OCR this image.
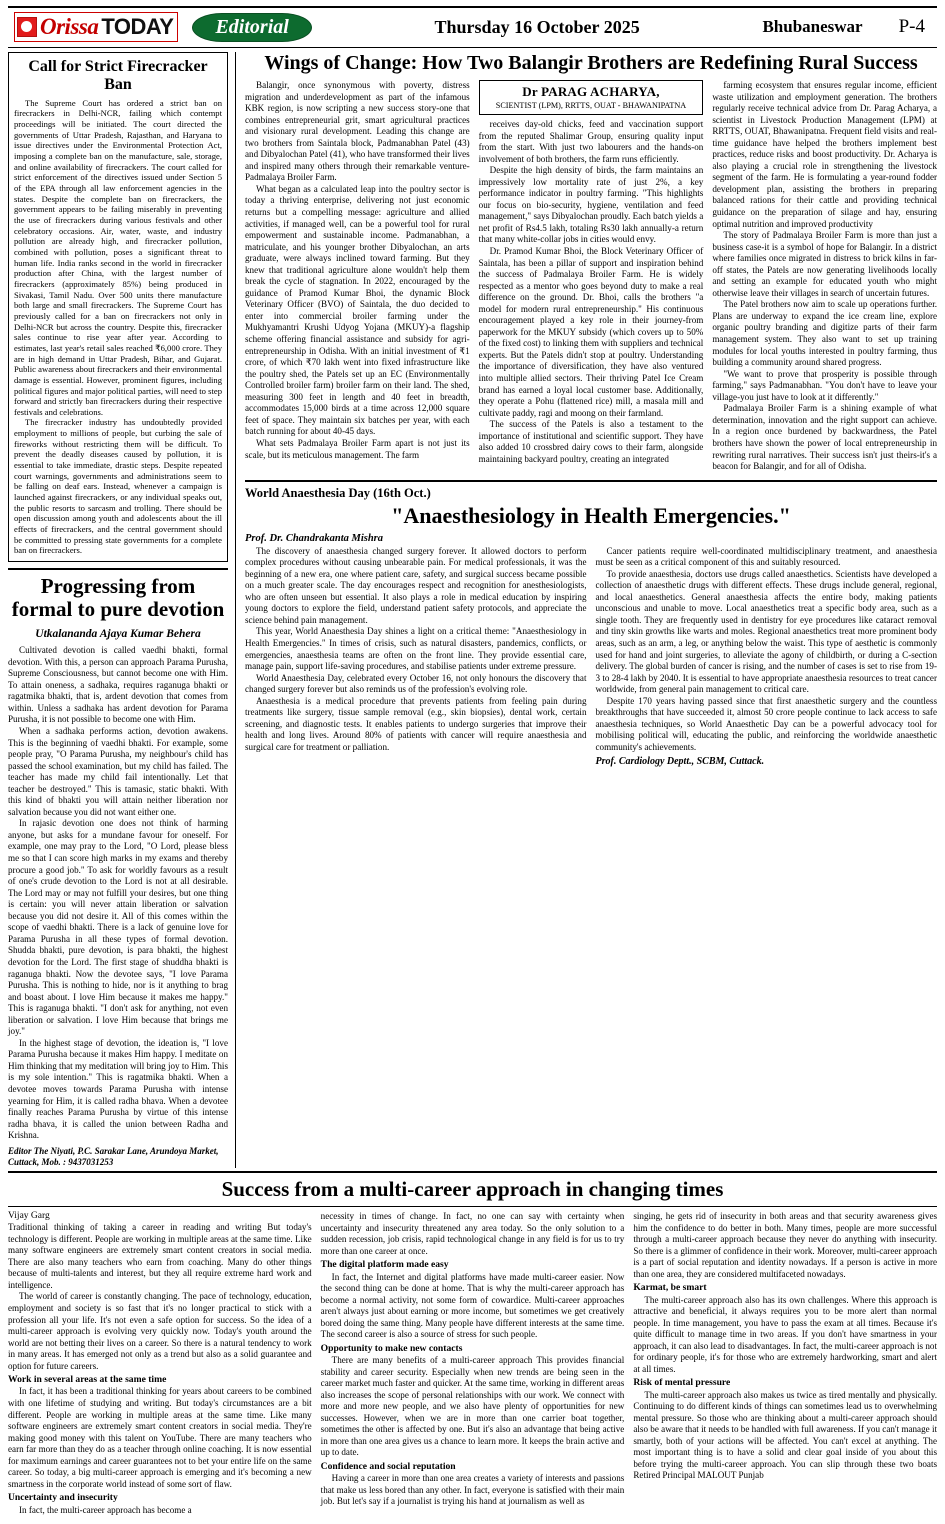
Orissa TODAY	Editorial	Thursday 16 October 2025	Bhubaneswar	P-4
Call for Strict Firecracker Ban

The Supreme Court has ordered a strict ban on firecrackers in Delhi-NCR, failing which contempt proceedings will be initiated. The court directed the governments of Uttar Pradesh, Rajasthan, and Haryana to issue directives under the Environmental Protection Act, imposing a complete ban on the manufacture, sale, storage, and online availability of firecrackers. The court called for strict enforcement of the directives issued under Section 5 of the EPA through all law enforcement agencies in the states. Despite the complete ban on firecrackers, the government appears to be failing miserably in preventing the use of firecrackers during various festivals and other celebratory occasions. Air, water, waste, and industry pollution are already high, and firecracker pollution, combined with pollution, poses a significant threat to human life. India ranks second in the world in firecracker production after China, with the largest number of firecrackers (approximately 85%) being produced in Sivakasi, Tamil Nadu. Over 500 units there manufacture both large and small firecrackers. The Supreme Court has previously called for a ban on firecrackers not only in Delhi-NCR but across the country. Despite this, firecracker sales continue to rise year after year. According to estimates, last year's retail sales reached ₹6,000 crore. They are in high demand in Uttar Pradesh, Bihar, and Gujarat. Public awareness about firecrackers and their environmental damage is essential. However, prominent figures, including political figures and major political parties, will need to step forward and strictly ban firecrackers during their respective festivals and celebrations.

The firecracker industry has undoubtedly provided employment to millions of people, but curbing the sale of fireworks without restricting them will be difficult. To prevent the deadly diseases caused by pollution, it is essential to take immediate, drastic steps. Despite repeated court warnings, governments and administrations seem to be falling on deaf ears. Instead, whenever a campaign is launched against firecrackers, or any individual speaks out, the public resorts to sarcasm and trolling. There should be open discussion among youth and adolescents about the ill effects of firecrackers, and the central government should be committed to pressing state governments for a complete ban on firecrackers.

Progressing from formal to pure devotion
Utkalananda Ajaya Kumar Behera

Cultivated devotion is called vaedhi bhakti, formal devotion. With this, a person can approach Parama Purusha, Supreme Consciousness, but cannot become one with Him. To attain oneness, a sadhaka, requires raganuga bhakti or ragatmika bhakti, that is, ardent devotion that comes from within. Unless a sadhaka has ardent devotion for Parama Purusha, it is not possible to become one with Him.

When a sadhaka performs action, devotion awakens. This is the beginning of vaedhi bhakti. For example, some people pray, "O Parama Purusha, my neighbour's child has passed the school examination, but my child has failed. The teacher has made my child fail intentionally. Let that teacher be destroyed." This is tamasic, static bhakti. With this kind of bhakti you will attain neither liberation nor salvation because you did not want either one.

In rajasic devotion one does not think of harming anyone, but asks for a mundane favour for oneself. For example, one may pray to the Lord, "O Lord, please bless me so that I can score high marks in my exams and thereby procure a good job." To ask for worldly favours as a result of one's crude devotion to the Lord is not at all desirable. The Lord may or may not fulfill your desires, but one thing is certain: you will never attain liberation or salvation because you did not desire it. All of this comes within the scope of vaedhi bhakti. There is a lack of genuine love for Parama Purusha in all these types of formal devotion. Shudda bhakti, pure devotion, is para bhakti, the highest devotion for the Lord. The first stage of shuddha bhakti is raganuga bhakti. Now the devotee says, "I love Parama Purusha. This is nothing to hide, nor is it anything to brag and boast about. I love Him because it makes me happy." This is raganuga bhakti. "I don't ask for anything, not even liberation or salvation. I love Him because that brings me joy."

In the highest stage of devotion, the ideation is, "I love Parama Purusha because it makes Him happy. I meditate on Him thinking that my meditation will bring joy to Him. This is my sole intention." This is ragatmika bhakti. When a devotee moves towards Parama Purusha with intense yearning for Him, it is called radha bhava. When a devotee finally reaches Parama Purusha by virtue of this intense radha bhava, it is called the union between Radha and Krishna.

Editor The Niyati, P.C. Sarakar Lane, Arundoya Market, Cuttack, Mob. : 9437031253
Wings of Change: How Two Balangir Brothers are Redefining Rural Success

Balangir, once synonymous with poverty, distress migration and underdevelopment as part of the infamous KBK region, is now scripting a new success story-one that combines entrepreneurial grit, smart agricultural practices and visionary rural development. Leading this change are two brothers from Saintala block, Padmanabhan Patel (43) and Dibyalochan Patel (41), who have transformed their lives and inspired many others through their remarkable venture-Padmalaya Broiler Farm.

What began as a calculated leap into the poultry sector is today a thriving enterprise, delivering not just economic returns but a compelling message: agriculture and allied activities, if managed well, can be a powerful tool for rural empowerment and sustainable income. Padmanabhan, a matriculate, and his younger brother Dibyalochan, an arts graduate, were always inclined toward farming. But they knew that traditional agriculture alone wouldn't help them break the cycle of stagnation. In 2022, encouraged by the guidance of Pramod Kumar Bhoi, the dynamic Block Veterinary Officer (BVO) of Saintala, the duo decided to enter into commercial broiler farming under the Mukhyamantri Krushi Udyog Yojana (MKUY)-a flagship scheme offering financial assistance and subsidy for agri-entrepreneurship in Odisha. With an initial investment of ₹1 crore, of which ₹70 lakh went into fixed infrastructure like the poultry shed, the Patels set up an EC (Environmentally Controlled broiler farm) broiler farm on their land. The shed, measuring 300 feet in length and 40 feet in breadth, accommodates 15,000 birds at a time across 12,000 square feet of space. They maintain six batches per year, with each batch running for about 40-45 days.

What sets Padmalaya Broiler Farm apart is not just its scale, but its meticulous management. The farm

Dr PARAG ACHARYA,
SCIENTIST (LPM), RRTTS, OUAT - BHAWANIPATNA

receives day-old chicks, feed and vaccination support from the reputed Shalimar Group, ensuring quality input from the start. With just two labourers and the hands-on involvement of both brothers, the farm runs efficiently.

Despite the high density of birds, the farm maintains an impressively low mortality rate of just 2%, a key performance indicator in poultry farming. "This highlights our focus on bio-security, hygiene, ventilation and feed management," says Dibyalochan proudly. Each batch yields a net profit of Rs4.5 lakh, totaling Rs30 lakh annually-a return that many white-collar jobs in cities would envy.

Dr. Pramod Kumar Bhoi, the Block Veterinary Officer of Saintala, has been a pillar of support and inspiration behind the success of Padmalaya Broiler Farm. He is widely respected as a mentor who goes beyond duty to make a real difference on the ground. Dr. Bhoi, calls the brothers "a model for modern rural entrepreneurship." His continuous encouragement played a key role in their journey-from paperwork for the MKUY subsidy (which covers up to 50% of the fixed cost) to linking them with suppliers and technical experts. But the Patels didn't stop at poultry. Understanding the importance of diversification, they have also ventured into multiple allied sectors. Their thriving Patel Ice Cream brand has earned a loyal local customer base. Additionally, they operate a Pohu (flattened rice) mill, a masala mill and cultivate paddy, ragi and moong on their farmland.

The success of the Patels is also a testament to the importance of institutional and scientific support. They have also added 10 crossbred dairy cows to their farm, alongside maintaining backyard poultry, creating an integrated

farming ecosystem that ensures regular income, efficient waste utilization and employment generation. The brothers regularly receive technical advice from Dr. Parag Acharya, a scientist in Livestock Production Management (LPM) at RRTTS, OUAT, Bhawanipatna. Frequent field visits and real-time guidance have helped the brothers implement best practices, reduce risks and boost productivity. Dr. Acharya is also playing a crucial role in strengthening the livestock segment of the farm. He is formulating a year-round fodder development plan, assisting the brothers in preparing balanced rations for their cattle and providing technical guidance on the preparation of silage and hay, ensuring optimal nutrition and improved productivity

The story of Padmalaya Broiler Farm is more than just a business case-it is a symbol of hope for Balangir. In a district where families once migrated in distress to brick kilns in far-off states, the Patels are now generating livelihoods locally and setting an example for educated youth who might otherwise leave their villages in search of uncertain futures.

The Patel brothers now aim to scale up operations further. Plans are underway to expand the ice cream line, explore organic poultry branding and digitize parts of their farm management system. They also want to set up training modules for local youths interested in poultry farming, thus building a community around shared progress.

"We want to prove that prosperity is possible through farming," says Padmanabhan. "You don't have to leave your village-you just have to look at it differently."

Padmalaya Broiler Farm is a shining example of what determination, innovation and the right support can achieve. In a region once burdened by backwardness, the Patel brothers have shown the power of local entrepreneurship in rewriting rural narratives. Their success isn't just theirs-it's a beacon for Balangir, and for all of Odisha.

World Anaesthesia Day (16th Oct.)
"Anaesthesiology in Health Emergencies."
Prof. Dr. Chandrakanta Mishra

The discovery of anaesthesia changed surgery forever. It allowed doctors to perform complex procedures without causing unbearable pain. For medical professionals, it was the beginning of a new era, one where patient care, safety, and surgical success became possible on a much greater scale. The day encourages respect and recognition for anesthesiologists, who are often unseen but essential. It also plays a role in medical education by inspiring young doctors to explore the field, understand patient safety protocols, and appreciate the science behind pain management.

This year, World Anaesthesia Day shines a light on a critical theme: "Anaesthesiology in Health Emergencies." In times of crisis, such as natural disasters, pandemics, conflicts, or emergencies, anaesthesia teams are often on the front line. They provide essential care, manage pain, support life-saving procedures, and stabilise patients under extreme pressure.

World Anaesthesia Day, celebrated every October 16, not only honours the discovery that changed surgery forever but also reminds us of the profession's evolving role.

Anaesthesia is a medical procedure that prevents patients from feeling pain during treatments like surgery, tissue sample removal (e.g., skin biopsies), dental work, certain screening, and diagnostic tests. It enables patients to undergo surgeries that improve their health and long lives. Around 80% of patients with cancer will require anaesthesia and surgical care for treatment or palliation.

Cancer patients require well-coordinated multidisciplinary treatment, and anaesthesia must be seen as a critical component of this and suitably resourced.

To provide anaesthesia, doctors use drugs called anaesthetics. Scientists have developed a collection of anaesthetic drugs with different effects. These drugs include general, regional, and local anaesthetics. General anaesthesia affects the entire body, making patients unconscious and unable to move. Local anaesthetics treat a specific body area, such as a single tooth. They are frequently used in dentistry for eye procedures like cataract removal and tiny skin growths like warts and moles. Regional anaesthetics treat more prominent body areas, such as an arm, a leg, or anything below the waist. This type of aesthetic is commonly used for hand and joint surgeries, to alleviate the agony of childbirth, or during a C-section delivery. The global burden of cancer is rising, and the number of cases is set to rise from 19-3 to 28-4 lakh by 2040. It is essential to have appropriate anaesthesia resources to treat cancer worldwide, from general pain management to critical care.

Despite 170 years having passed since that first anaesthetic surgery and the countless breakthroughs that have succeeded it, almost 50 crore people continue to lack access to safe anaesthesia techniques, so World Anaesthetic Day can be a powerful advocacy tool for mobilising political will, educating the public, and reinforcing the worldwide anaesthetic community's achievements.

Prof. Cardiology Deptt., SCBM, Cuttack.
Success from a multi-career approach in changing times
Vijay Garg

Traditional thinking of taking a career in reading and writing But today's technology is different. People are working in multiple areas at the same time. Like many software engineers are extremely smart content creators in social media. There are also many teachers who earn from coaching. Many do other things because of multi-talents and interest, but they all require extreme hard work and intelligence.

The world of career is constantly changing. The pace of technology, education, employment and society is so fast that it's no longer practical to stick with a profession all your life. It's not even a safe option for success. So the idea of a multi-career approach is evolving very quickly now. Today's youth around the world are not betting their lives on a career. So there is a natural tendency to work in many areas. It has emerged not only as a trend but also as a solid guarantee and option for future careers.

Work in several areas at the same time

In fact, it has been a traditional thinking for years about careers to be combined with one lifetime of studying and writing. But today's circumstances are a bit different. People are working in multiple areas at the same time. Like many software engineers are extremely smart content creators in social media. They're making good money with this talent on YouTube. There are many teachers who earn far more than they do as a teacher through online coaching. It is now essential for maximum earnings and career guarantees not to bet your entire life on the same career. So today, a big multi-career approach is emerging and it's becoming a new smartness in the corporate world instead of some sort of flaw.

Uncertainty and insecurity

In fact, the multi-career approach has become a

necessity in times of change. In fact, no one can say with certainty when uncertainty and insecurity threatened any area today. So the only solution to a sudden recession, job crisis, rapid technological change in any field is for us to try more than one career at once.

The digital platform made easy

In fact, the Internet and digital platforms have made multi-career easier. Now the second thing can be done at home. That is why the multi-career approach has become a normal activity, not some form of cowardice. Multi-career approaches aren't always just about earning or more income, but sometimes we get creatively bored doing the same thing. Many people have different interests at the same time. The second career is also a source of stress for such people.

Opportunity to make new contacts

There are many benefits of a multi-career approach This provides financial stability and career security. Especially when new trends are being seen in the career market much faster and quicker. At the same time, working in different areas also increases the scope of personal relationships with our work. We connect with more and more new people, and we also have plenty of opportunities for new successes. However, when we are in more than one carrier boat together, sometimes the other is affected by one. But it's also an advantage that being active in more than one area gives us a chance to learn more. It keeps the brain active and up to date.

Confidence and social reputation

Having a career in more than one area creates a variety of interests and passions that make us less bored than any other. In fact, everyone is satisfied with their main job. But let's say if a journalist is trying his hand at journalism as well as

singing, he gets rid of insecurity in both areas and that security awareness gives him the confidence to do better in both. Many times, people are more successful through a multi-career approach because they never do anything with insecurity. So there is a glimmer of confidence in their work. Moreover, multi-career approach is a part of social reputation and identity nowadays. If a person is active in more than one area, they are considered multifaceted nowadays.

Karmat, be smart

The multi-career approach also has its own challenges. Where this approach is attractive and beneficial, it always requires you to be more alert than normal people. In time management, you have to pass the exam at all times. Because it's quite difficult to manage time in two areas. If you don't have smartness in your approach, it can also lead to disadvantages. In fact, the multi-career approach is not for ordinary people, it's for those who are extremely hardworking, smart and alert at all times.

Risk of mental pressure

The multi-career approach also makes us twice as tired mentally and physically. Continuing to do different kinds of things can sometimes lead us to overwhelming mental pressure. So those who are thinking about a multi-career approach should also be aware that it needs to be handled with full awareness. If you can't manage it smartly, both of your actions will be affected. You can't excel at anything. The most important thing is to have a solid and clear goal inside of you about this before trying the multi-career approach. You can slip through these two boats Retired Principal MALOUT Punjab
